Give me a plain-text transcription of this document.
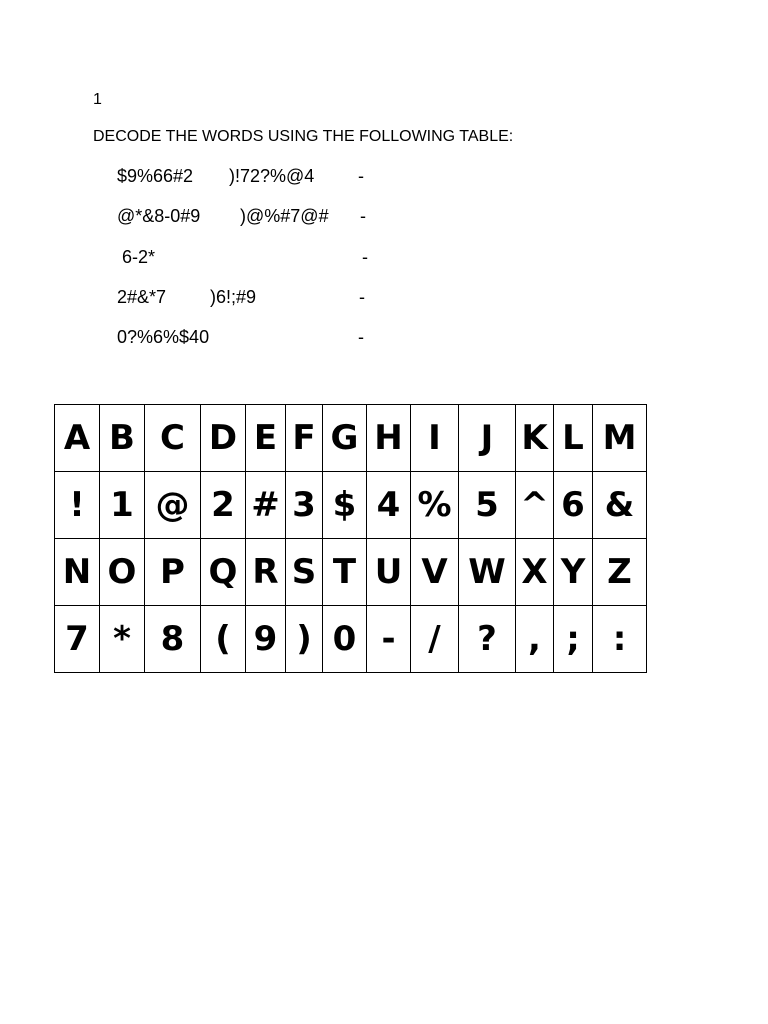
1
DECODE THE WORDS USING THE FOLLOWING TABLE:
$9%66#2 )!72?%@4 -
@*&8-0#9 )@%#7@# -
6-2*	-
2#&*7 )6!;#9	-
0?%6%$40	-
A	B	C	D	E	F	G	H	I	J	K	L	M
!	1	@	2	#	3	$	4	%	5	^	6	&
N	O	P	Q	R	S	T	U	V	W	X	Y	Z
7	*	8	(	9	)	0	-	/	?	,	;	:
